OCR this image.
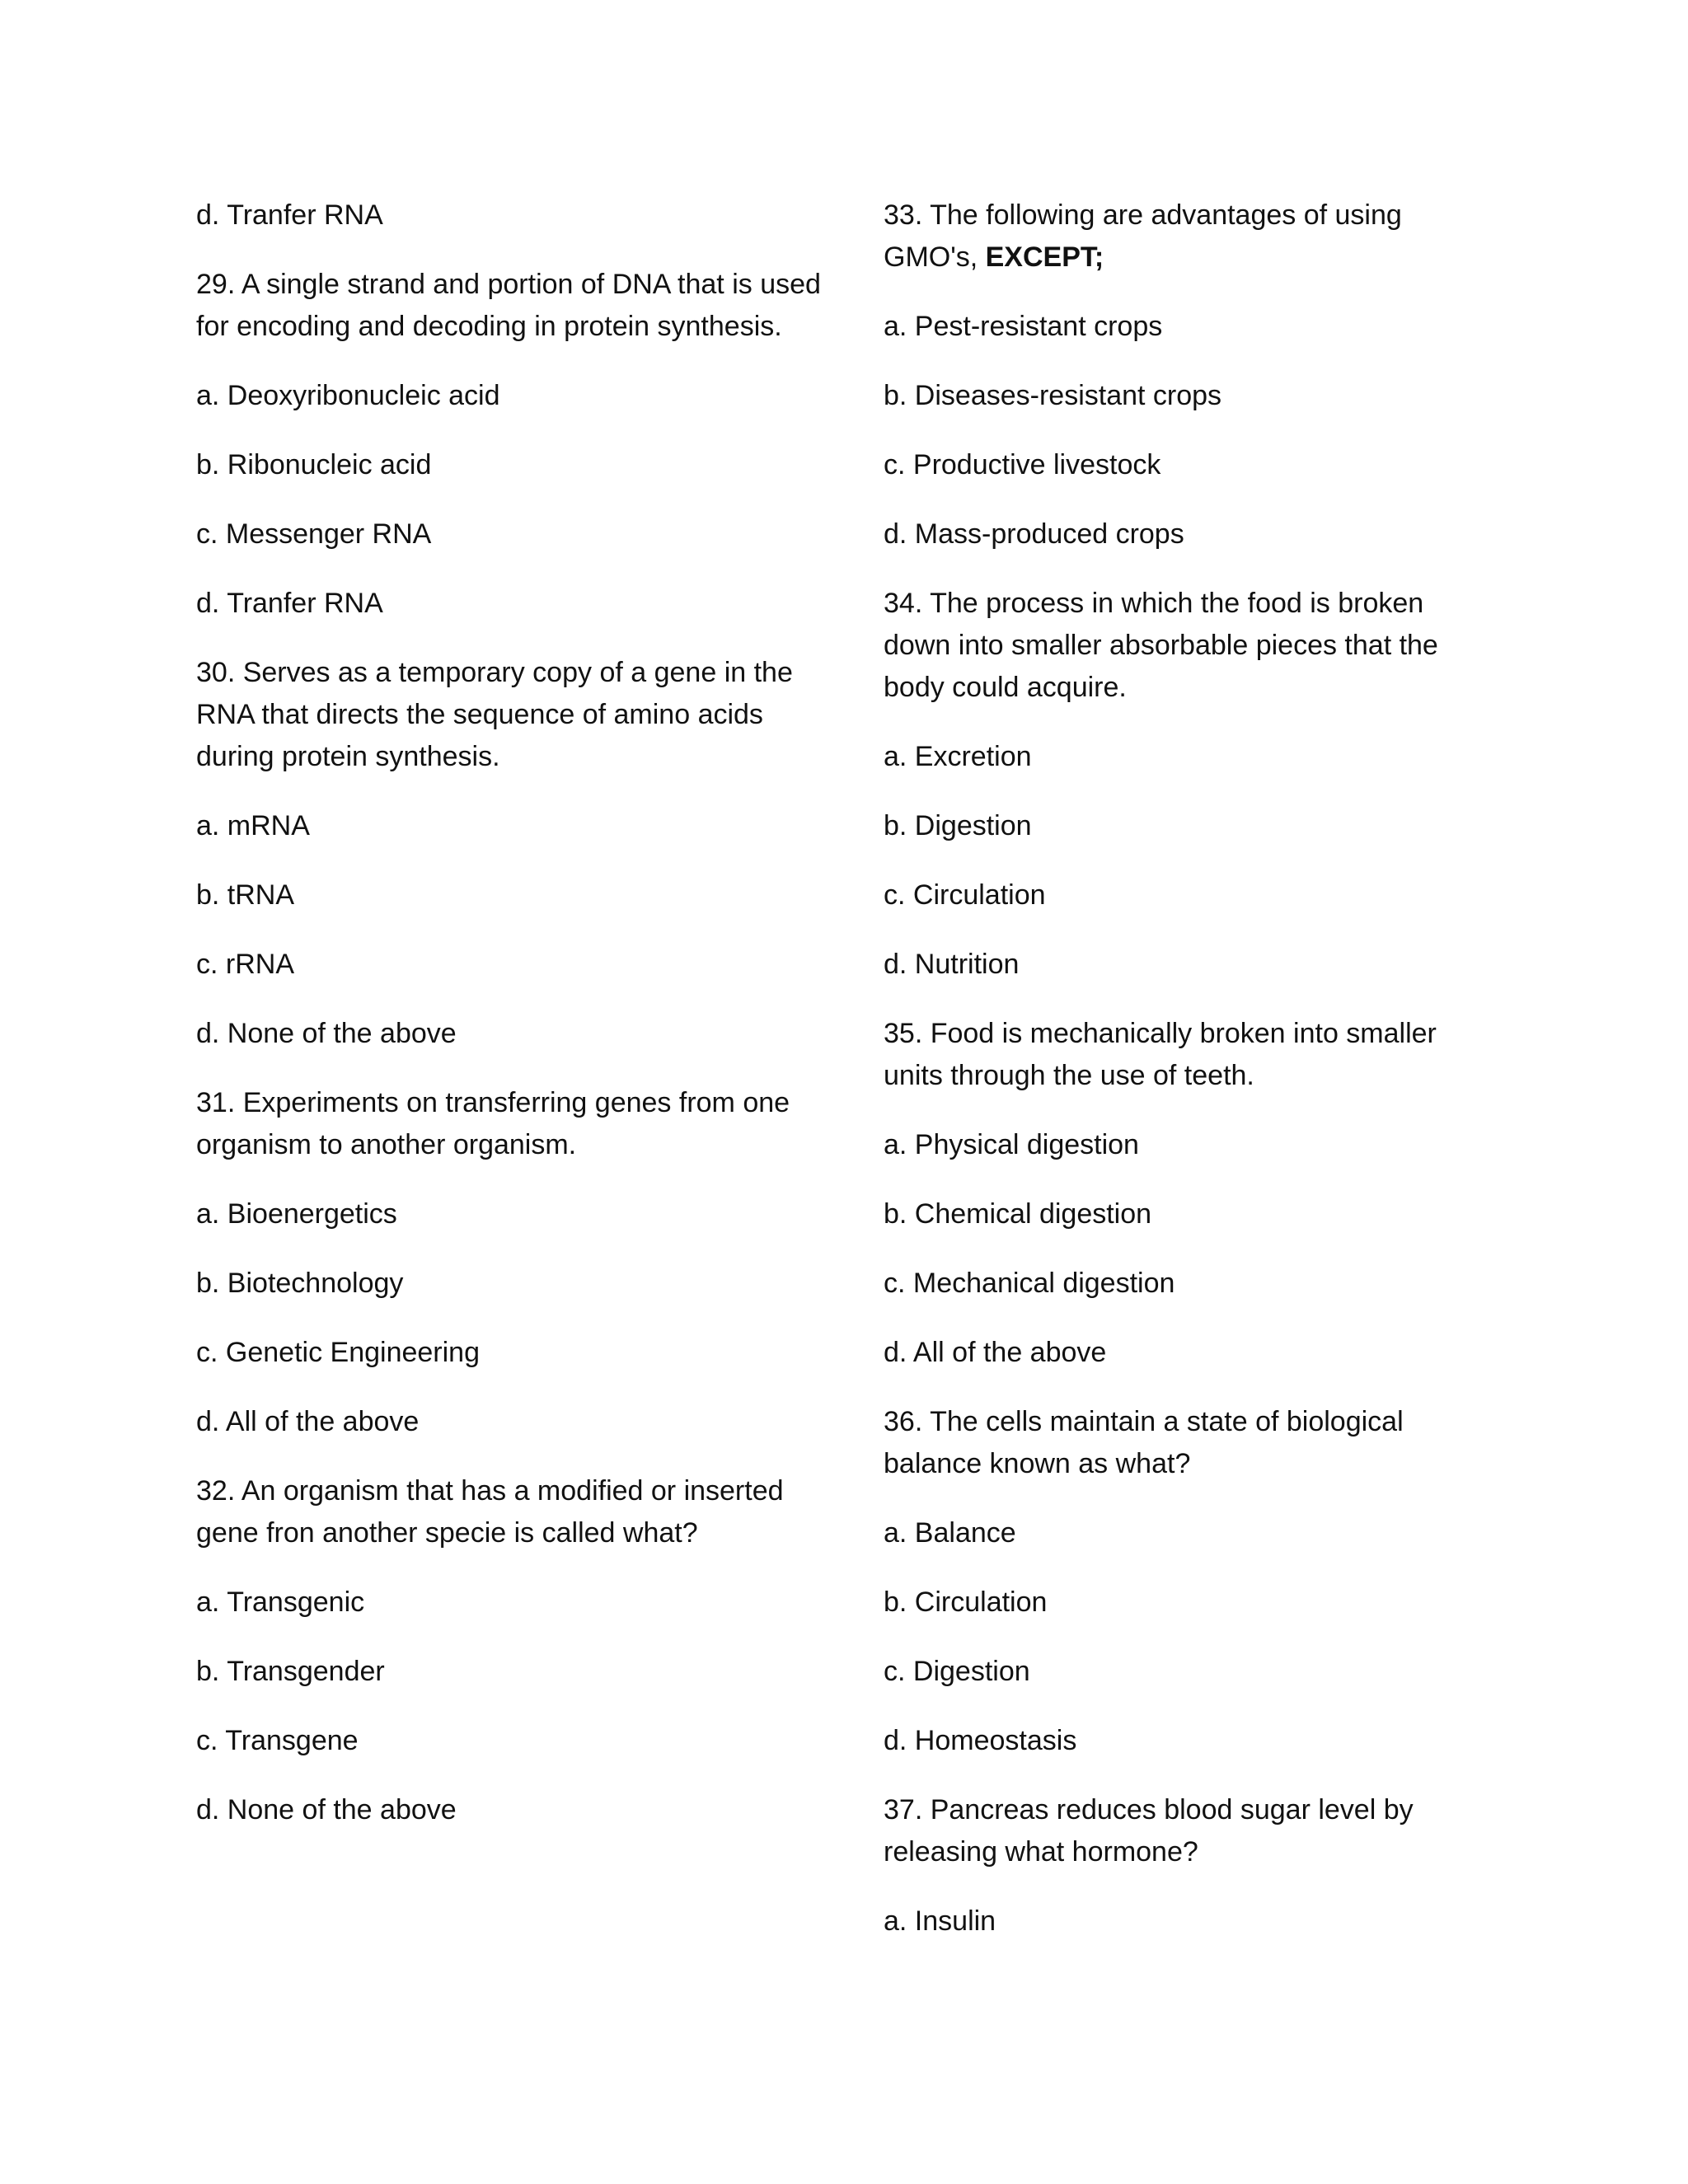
d. Tranfer RNA

29. A single strand and portion of DNA that is used for encoding and decoding in protein synthesis.

a. Deoxyribonucleic acid

b. Ribonucleic acid

c. Messenger RNA

d. Tranfer RNA

30. Serves as a temporary copy of a gene in the RNA that directs the sequence of amino acids during protein synthesis.

a. mRNA

b. tRNA

c. rRNA

d. None of the above

31. Experiments on transferring genes from one organism to another organism.

a. Bioenergetics

b. Biotechnology

c. Genetic Engineering

d. All of the above

32. An organism that has a modified or inserted gene fron another specie is called what?

a. Transgenic

b. Transgender

c. Transgene

d. None of the above

33. The following are advantages of using GMO's, EXCEPT;

a. Pest-resistant crops

b. Diseases-resistant crops

c. Productive livestock

d. Mass-produced crops

34. The process in which the food is broken down into smaller absorbable pieces that the body could acquire.

a. Excretion

b. Digestion

c. Circulation

d. Nutrition

35. Food is mechanically broken into smaller units through the use of teeth.

a. Physical digestion

b. Chemical digestion

c. Mechanical digestion

d. All of the above

36. The cells maintain a state of biological balance known as what?

a. Balance

b. Circulation

c. Digestion

d. Homeostasis

37. Pancreas reduces blood sugar level by releasing what hormone?

a. Insulin
